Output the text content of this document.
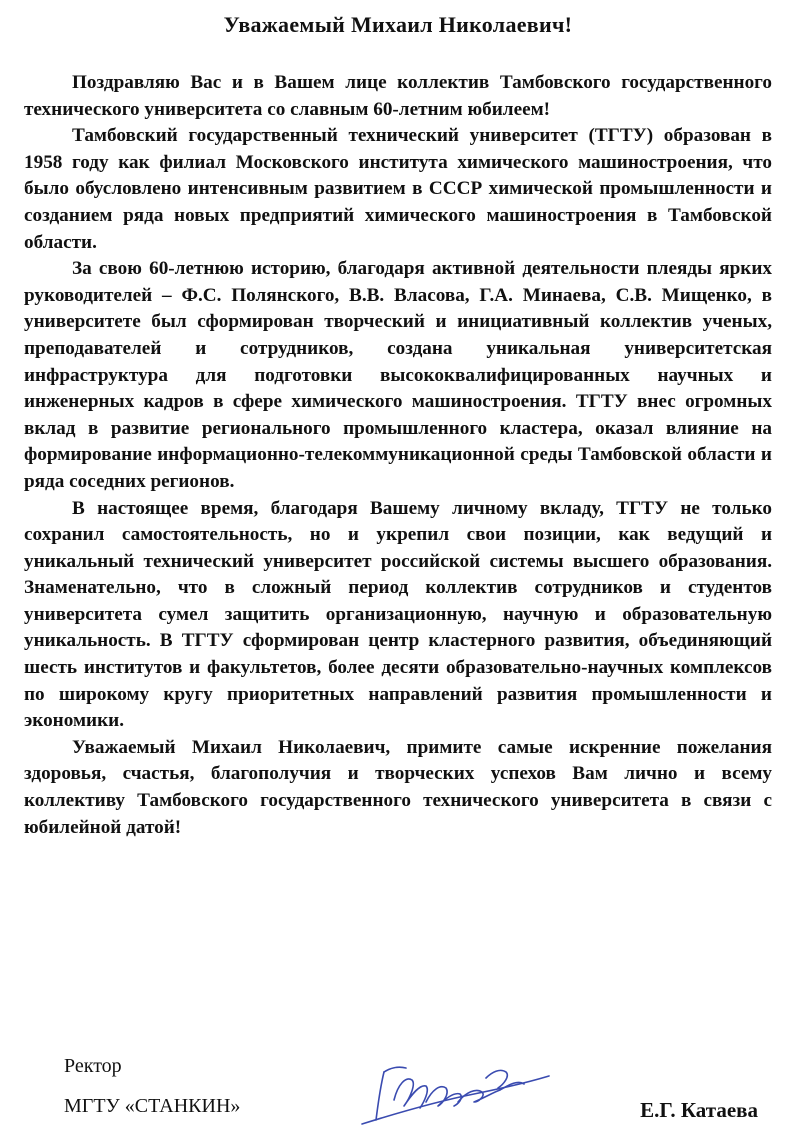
Уважаемый Михаил Николаевич!

Поздравляю Вас и в Вашем лице коллектив Тамбовского государственного технического университета со славным 60-летним юбилеем!

Тамбовский государственный технический университет (ТГТУ) образован в 1958 году как филиал Московского института химического машиностроения, что было обусловлено интенсивным развитием в СССР химической промышленности и созданием ряда новых предприятий химического машиностроения в Тамбовской области.

За свою 60-летнюю историю, благодаря активной деятельности плеяды ярких руководителей – Ф.С. Полянского, В.В. Власова, Г.А. Минаева, С.В. Мищенко, в университете был сформирован творческий и инициативный коллектив ученых, преподавателей и сотрудников, создана уникальная университетская инфраструктура для подготовки высококвалифицированных научных и инженерных кадров в сфере химического машиностроения. ТГТУ внес огромных вклад в развитие регионального промышленного кластера, оказал влияние на формирование информационно-телекоммуникационной среды Тамбовской области и ряда соседних регионов.

В настоящее время, благодаря Вашему личному вкладу, ТГТУ не только сохранил самостоятельность, но и укрепил свои позиции, как ведущий и уникальный технический университет российской системы высшего образования. Знаменательно, что в сложный период коллектив сотрудников и студентов университета сумел защитить организационную, научную и образовательную уникальность. В ТГТУ сформирован центр кластерного развития, объединяющий шесть институтов и факультетов, более десяти образовательно-научных комплексов по широкому кругу приоритетных направлений развития промышленности и экономики.

Уважаемый Михаил Николаевич, примите самые искренние пожелания здоровья, счастья, благополучия и творческих успехов Вам лично и всему коллективу Тамбовского государственного технического университета в связи с юбилейной датой!

Ректор
МГТУ «СТАНКИН»	Е.Г. Катаева
